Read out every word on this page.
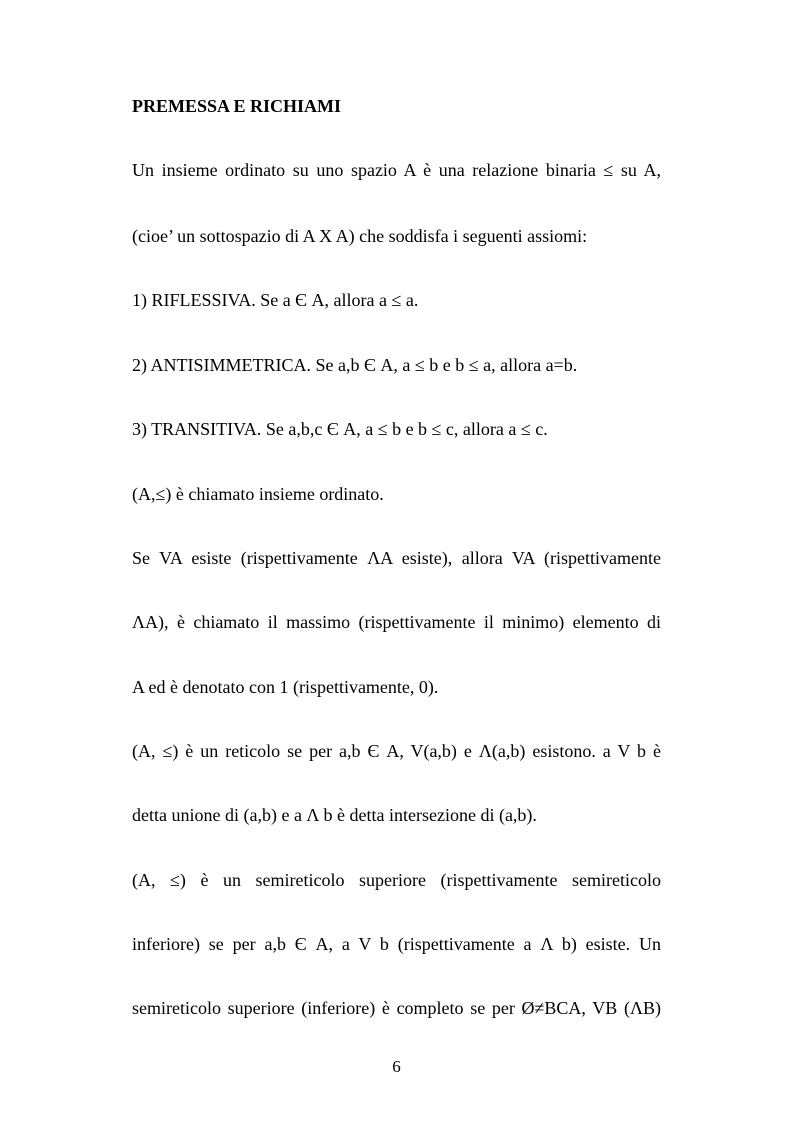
PREMESSA E RICHIAMI
Un insieme ordinato su uno spazio A è una relazione binaria ≤ su A,
(cioe’ un sottospazio di A X A) che soddisfa i seguenti assiomi:
1) RIFLESSIVA. Se a Є A, allora a ≤ a.
2) ANTISIMMETRICA. Se a,b Є A, a ≤ b e b ≤ a, allora a=b.
3) TRANSITIVA. Se a,b,c Є A, a ≤ b e b ≤ c, allora a ≤ c.
(A,≤) è chiamato insieme ordinato.
Se VA esiste (rispettivamente ΛA esiste), allora VA (rispettivamente
ΛA), è chiamato il massimo (rispettivamente il minimo) elemento di
A ed è denotato con 1 (rispettivamente, 0).
(A, ≤) è un reticolo se per a,b Є A, V(a,b) e Λ(a,b) esistono. a V b è
detta unione di (a,b) e a Λ b è detta intersezione di (a,b).
(A, ≤) è un semireticolo superiore (rispettivamente semireticolo
inferiore) se per a,b Є A, a V b (rispettivamente a Λ b) esiste. Un
semireticolo superiore (inferiore) è completo se per Ø≠BCA, VB (ΛB)
6
